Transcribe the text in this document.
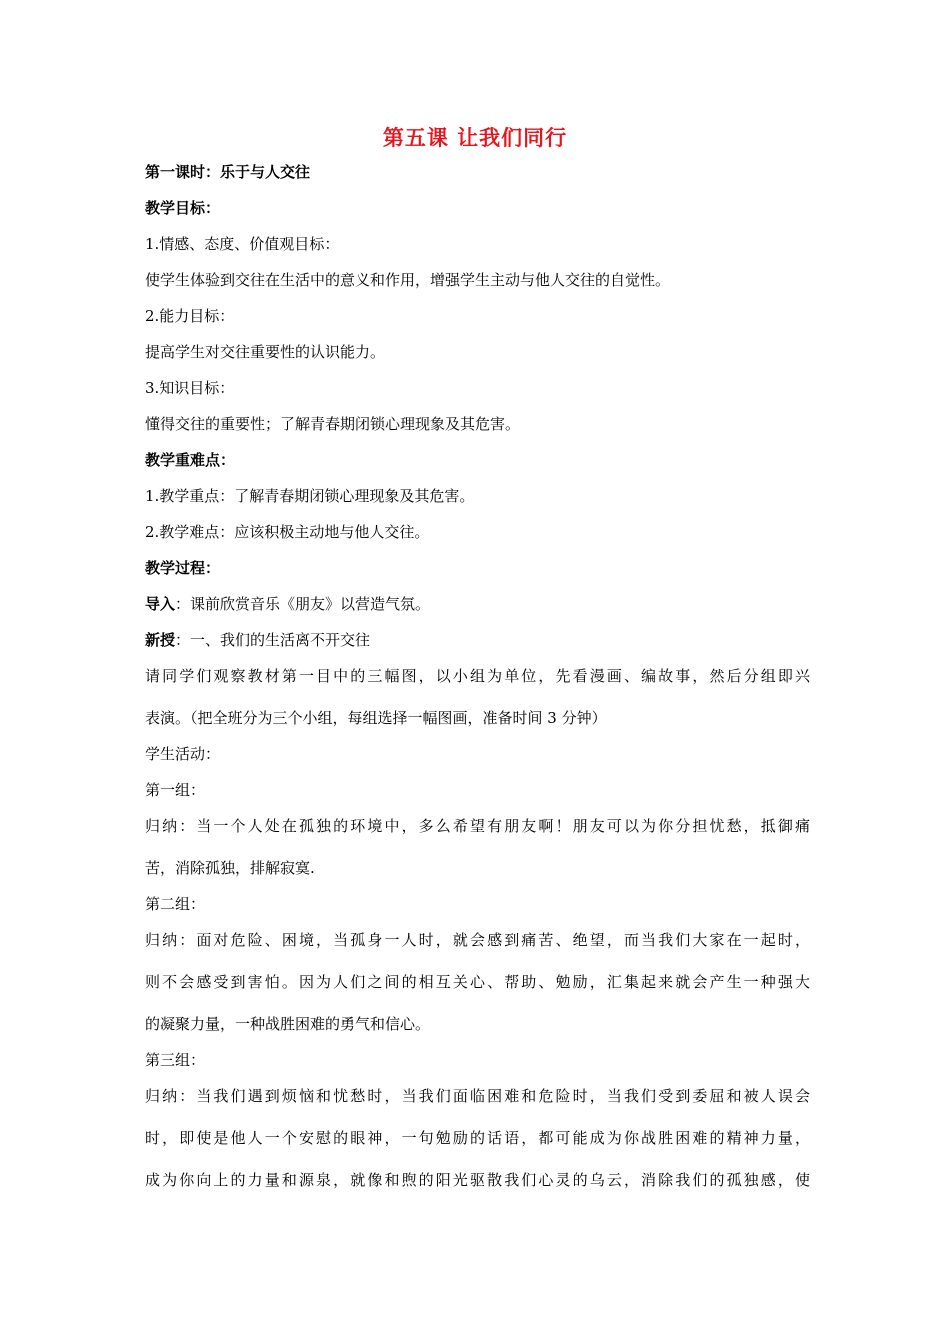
第五课 让我们同行
第一课时：乐于与人交往
教学目标：
1.情感、态度、价值观目标：
使学生体验到交往在生活中的意义和作用，增强学生主动与他人交往的自觉性。
2.能力目标：
提高学生对交往重要性的认识能力。
3.知识目标：
懂得交往的重要性；了解青春期闭锁心理现象及其危害。
教学重难点：
1.教学重点：了解青春期闭锁心理现象及其危害。
2.教学难点：应该积极主动地与他人交往。
教学过程：
导入：课前欣赏音乐《朋友》以营造气氛。
新授：一、我们的生活离不开交往
请同学们观察教材第一目中的三幅图，以小组为单位，先看漫画、编故事，然后分组即兴
表演。（把全班分为三个小组，每组选择一幅图画，准备时间 3 分钟）
学生活动：
第一组：
归纳：当一个人处在孤独的环境中，多么希望有朋友啊！朋友可以为你分担忧愁，抵御痛
苦，消除孤独，排解寂寞.
第二组：
归纳：面对危险、困境，当孤身一人时，就会感到痛苦、绝望，而当我们大家在一起时，
则不会感受到害怕。因为人们之间的相互关心、帮助、勉励，汇集起来就会产生一种强大
的凝聚力量，一种战胜困难的勇气和信心。
第三组：
归纳：当我们遇到烦恼和忧愁时，当我们面临困难和危险时，当我们受到委屈和被人误会
时，即使是他人一个安慰的眼神，一句勉励的话语，都可能成为你战胜困难的精神力量，
成为你向上的力量和源泉，就像和煦的阳光驱散我们心灵的乌云，消除我们的孤独感，使
